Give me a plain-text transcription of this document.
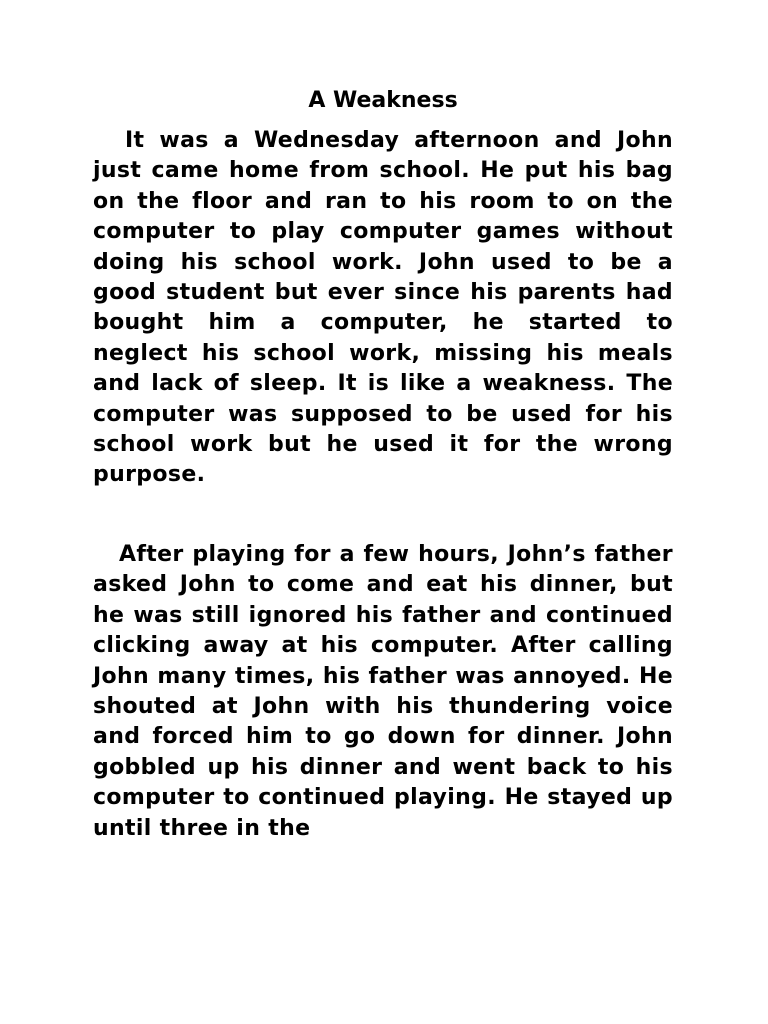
A Weakness

It was a Wednesday afternoon and John just came home from school. He put his bag on the floor and ran to his room to on the computer to play computer games without doing his school work. John used to be a good student but ever since his parents had bought him a computer, he started to neglect his school work, missing his meals and lack of sleep. It is like a weakness. The computer was supposed to be used for his school work but he used it for the wrong purpose.

After playing for a few hours, John’s father asked John to come and eat his dinner, but he was still ignored his father and continued clicking away at his computer. After calling John many times, his father was annoyed. He shouted at John with his thundering voice and forced him to go down for dinner. John gobbled up his dinner and went back to his computer to continued playing. He stayed up until three in the
